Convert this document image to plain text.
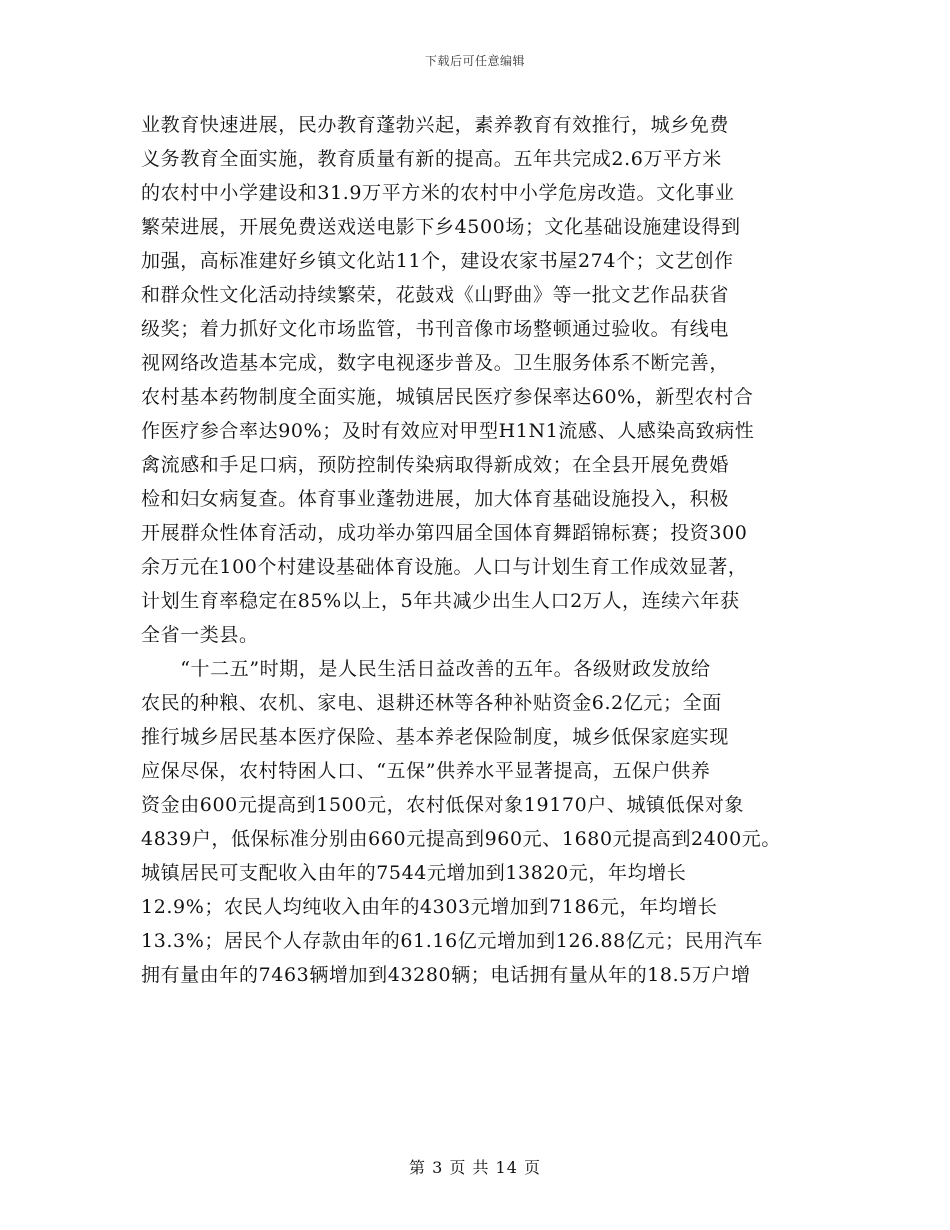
下载后可任意编辑
业教育快速进展，民办教育蓬勃兴起，素养教育有效推行，城乡免费
义务教育全面实施，教育质量有新的提高。五年共完成2.6万平方米
的农村中小学建设和31.9万平方米的农村中小学危房改造。文化事业
繁荣进展，开展免费送戏送电影下乡4500场；文化基础设施建设得到
加强，高标准建好乡镇文化站11个，建设农家书屋274个；文艺创作
和群众性文化活动持续繁荣，花鼓戏《山野曲》等一批文艺作品获省
级奖；着力抓好文化市场监管，书刊音像市场整顿通过验收。有线电
视网络改造基本完成，数字电视逐步普及。卫生服务体系不断完善，
农村基本药物制度全面实施，城镇居民医疗参保率达60%，新型农村合
作医疗参合率达90%；及时有效应对甲型H1N1流感、人感染高致病性
禽流感和手足口病，预防控制传染病取得新成效；在全县开展免费婚
检和妇女病复查。体育事业蓬勃进展，加大体育基础设施投入，积极
开展群众性体育活动，成功举办第四届全国体育舞蹈锦标赛；投资300
余万元在100个村建设基础体育设施。人口与计划生育工作成效显著，
计划生育率稳定在85%以上，5年共减少出生人口2万人，连续六年获
全省一类县。
　　“十二五”时期，是人民生活日益改善的五年。各级财政发放给
农民的种粮、农机、家电、退耕还林等各种补贴资金6.2亿元；全面
推行城乡居民基本医疗保险、基本养老保险制度，城乡低保家庭实现
应保尽保，农村特困人口、“五保”供养水平显著提高，五保户供养
资金由600元提高到1500元，农村低保对象19170户、城镇低保对象
4839户，低保标准分别由660元提高到960元、1680元提高到2400元。
城镇居民可支配收入由年的7544元增加到13820元，年均增长
12.9%；农民人均纯收入由年的4303元增加到7186元，年均增长
13.3%；居民个人存款由年的61.16亿元增加到126.88亿元；民用汽车
拥有量由年的7463辆增加到43280辆；电话拥有量从年的18.5万户增
第 3 页 共 14 页
